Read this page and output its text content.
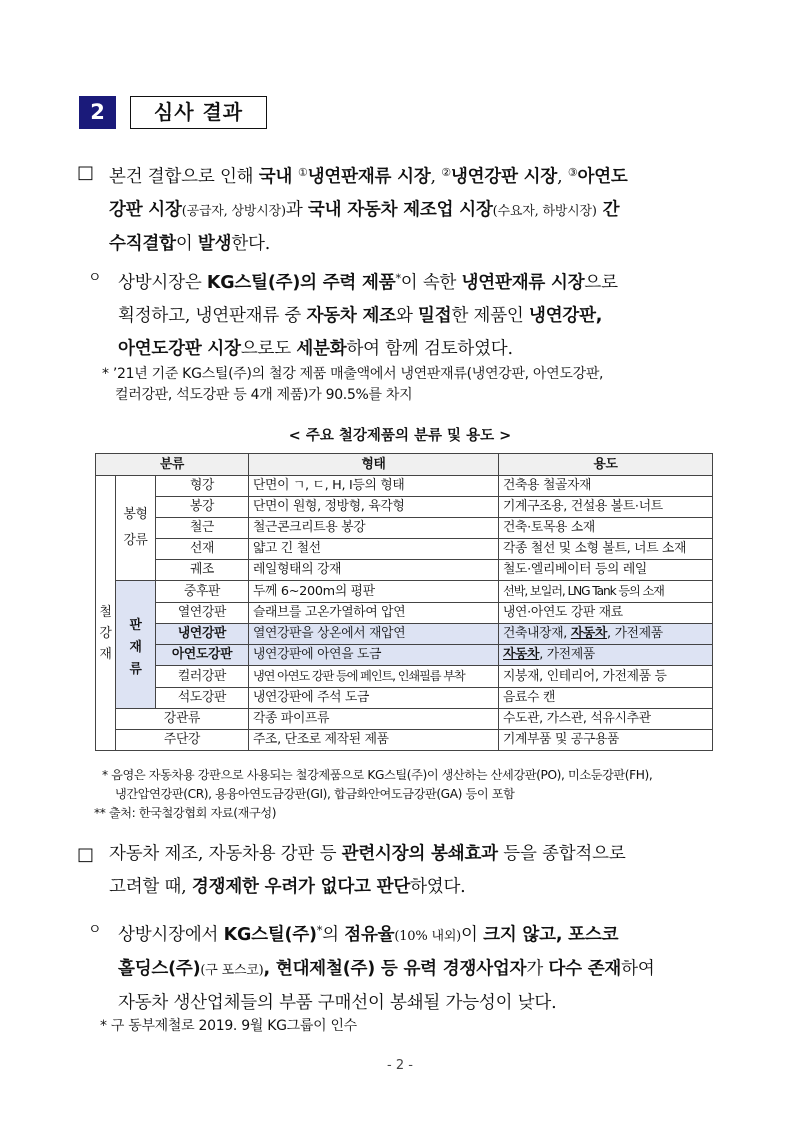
2	심사 결과
□ 본건 결합으로 인해 국내 ①냉연판재류 시장, ②냉연강판 시장, ③아연도
강판 시장(공급자, 상방시장)과 국내 자동차 제조업 시장(수요자, 하방시장) 간
수직결합이 발생한다.
ㅇ 상방시장은 KG스틸(주)의 주력 제품*이 속한 냉연판재류 시장으로
획정하고, 냉연판재류 중 자동차 제조와 밀접한 제품인 냉연강판,
아연도강판 시장으로도 세분화하여 함께 검토하였다.
* ’21년 기준 KG스틸(주)의 철강 제품 매출액에서 냉연판재류(냉연강판, 아연도강판,
컬러강판, 석도강판 등 4개 제품)가 90.5%를 차지
< 주요 철강제품의 분류 및 용도 >
분류			형태	용도

철
강
재

봉형
강류
	형강	단면이 ㄱ, ㄷ, H, I등의 형태	건축용 철골자재
		봉강	단면이 원형, 정방형, 육각형	기계구조용, 건설용 볼트·너트
		철근	철근콘크리트용 봉강	건축·토목용 소재
		선재	얇고 긴 철선	각종 철선 및 소형 볼트, 너트 소재
		궤조	레일형태의 강재	철도·엘리베이터 등의 레일

	판
재
류	중후판	두께 6~200m의 평판	선박, 보일러, LNG Tank 등의 소재
		열연강판	슬래브를 고온가열하여 압연	냉연·아연도 강판 재료
		냉연강판	열연강판을 상온에서 재압연	건축내장재, 자동차, 가전제품
		아연도강판	냉연강판에 아연을 도금	자동차, 가전제품
		컬러강판	냉연 아연도 강판 등에 페인트, 인쇄필름 부착	지붕재, 인테리어, 가전제품 등
		석도강판	냉연강판에 주석 도금	음료수 캔
	강관류		각종 파이프류	수도관, 가스관, 석유시추관
	주단강		주조, 단조로 제작된 제품	기계부품 및 공구용품
* 음영은 자동차용 강판으로 사용되는 철강제품으로 KG스틸(주)이 생산하는 산세강판(PO), 미소둔강판(FH),
냉간압연강판(CR), 용융아연도금강판(GI), 합금화안여도금강판(GA) 등이 포함
** 출처: 한국철강협회 자료(재구성)
□ 자동차 제조, 자동차용 강판 등 관련시장의 봉쇄효과 등을 종합적으로
고려할 때, 경쟁제한 우려가 없다고 판단하였다.
ㅇ 상방시장에서 KG스틸(주)*의 점유율(10% 내외)이 크지 않고, 포스코
홀딩스(주)(구 포스코), 현대제철(주) 등 유력 경쟁사업자가 다수 존재하여
자동차 생산업체들의 부품 구매선이 봉쇄될 가능성이 낮다.
* 구 동부제철로 2019. 9월 KG그룹이 인수
- 2 -
